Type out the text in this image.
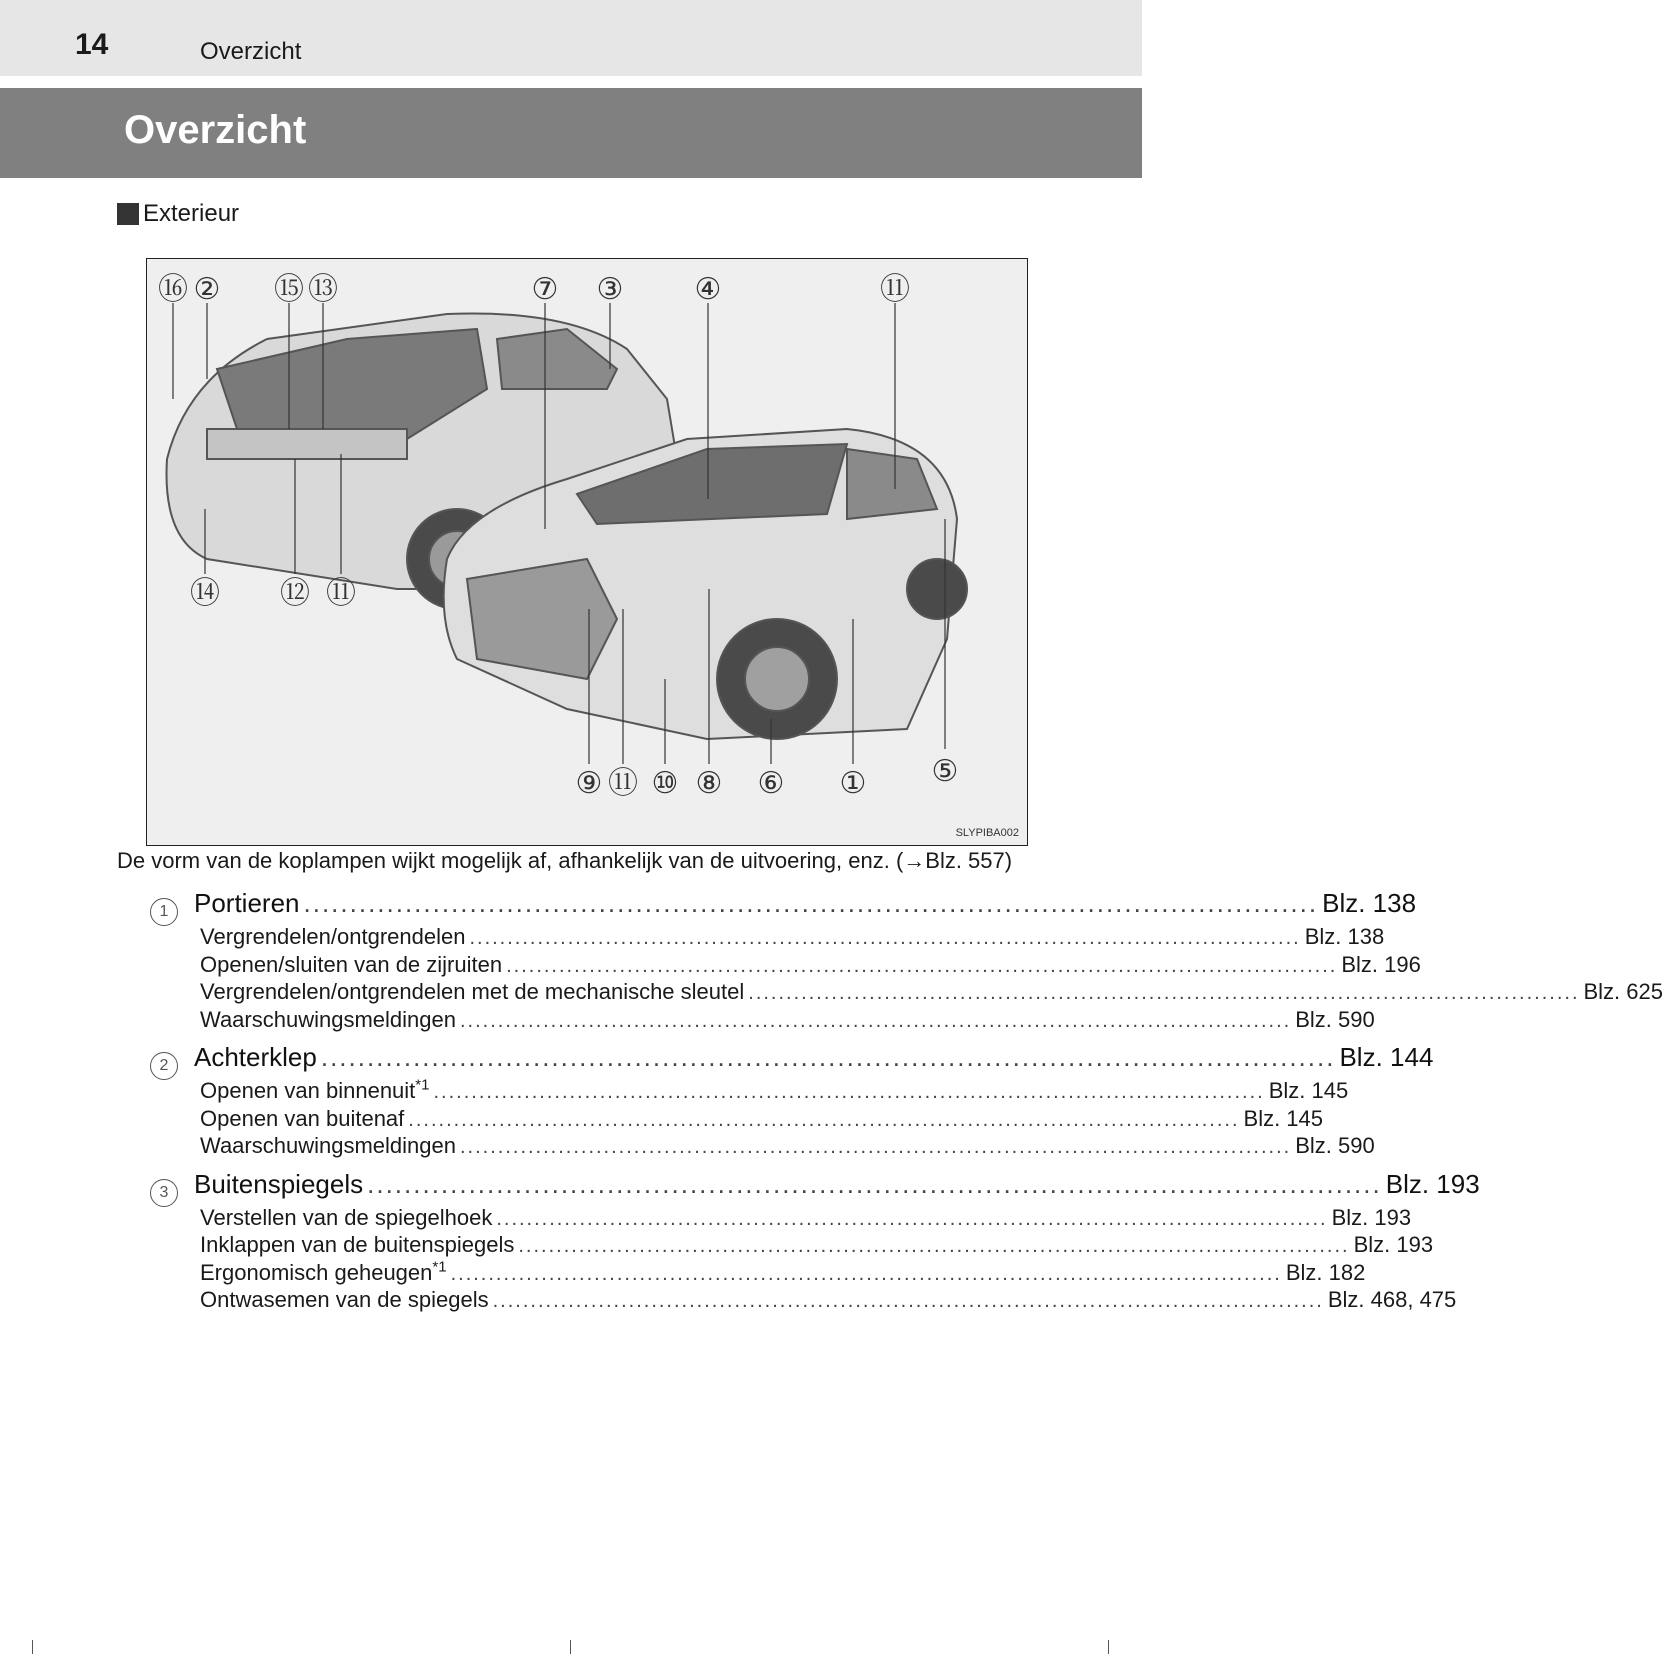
14	Overzicht
Overzicht
Exterieur
⑯ ② ⑮ ⑬	⑦ ③ ④	⑪
⑭ ⑫ ⑪
⑨ ⑪ ⑩ ⑧ ⑥ ① ⑤
SLYPIBA002
De vorm van de koplampen wijkt mogelijk af, afhankelijk van de uitvoering, enz. (→Blz. 557)
1 Portieren .............................................................................................................. Blz. 138
Vergrendelen/ontgrendelen .............................................................................................................. Blz. 138
Openen/sluiten van de zijruiten .............................................................................................................. Blz. 196
Vergrendelen/ontgrendelen met de mechanische sleutel .............................................................................................................. Blz. 625
Waarschuwingsmeldingen .............................................................................................................. Blz. 590
2 Achterklep .............................................................................................................. Blz. 144
Openen van binnenuit$^{*1}$ .............................................................................................................. Blz. 145
Openen van buitenaf .............................................................................................................. Blz. 145
Waarschuwingsmeldingen .............................................................................................................. Blz. 590
3 Buitenspiegels .............................................................................................................. Blz. 193
Verstellen van de spiegelhoek .............................................................................................................. Blz. 193
Inklappen van de buitenspiegels .............................................................................................................. Blz. 193
Ergonomisch geheugen$^{*1}$ .............................................................................................................. Blz. 182
Ontwasemen van de spiegels .............................................................................................................. Blz. 468, 475
